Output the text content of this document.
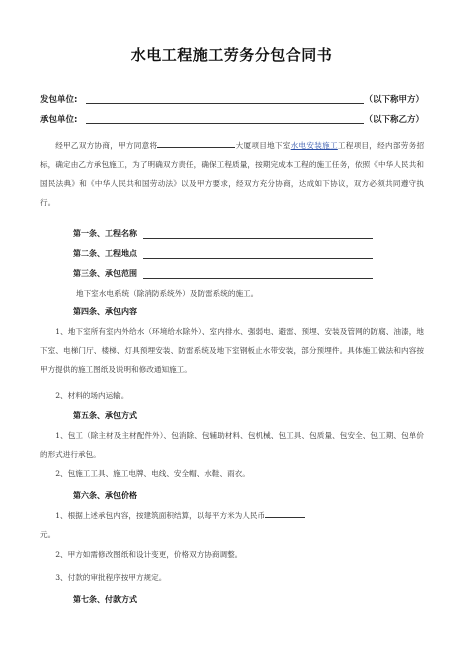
水电工程施工劳务分包合同书
发包单位:	（以下称甲方）
承包单位:	（以下称乙方）

经甲乙双方协商，甲方同意将	大厦项目地下室水电安装施工工程项目，经内部劳务招标，确定由乙方承包施工，为了明确双方责任，确保工程质量，按期完成本工程的施工任务，依照《中华人民共和国民法典》和《中华人民共和国劳动法》以及甲方要求，经双方充分协商，达成如下协议，双方必须共同遵守执行。

第一条、工程名称
第二条、工程地点
第三条、承包范围

地下室水电系统（除消防系统外）及防雷系统的施工。

第四条、承包内容

1、地下室所有室内外给水（环境给水除外）、室内排水、强弱电、避雷、预埋、安装及管网的防腐、油漆，地下室、电梯门厅、楼梯、灯具预埋安装、防雷系统及地下室钢板止水带安装，部分预埋件。具体施工做法和内容按甲方提供的施工图纸及说明和修改通知施工。

2、材料的场内运输。

第五条、承包方式

1、包工（除主材及主材配件外）、包消除、包辅助材料、包机械、包工具、包质量、包安全、包工期、包单价的形式进行承包。

2、包施工工具、施工电牌、电线、安全帽、水鞋、雨衣。

第六条、承包价格

1、根据上述承包内容，按建筑面积结算，以每平方米为人民币

元。

2、甲方如需修改图纸和设计变更，价格双方协商调整。

3、付款的审批程序按甲方规定。

第七条、付款方式
